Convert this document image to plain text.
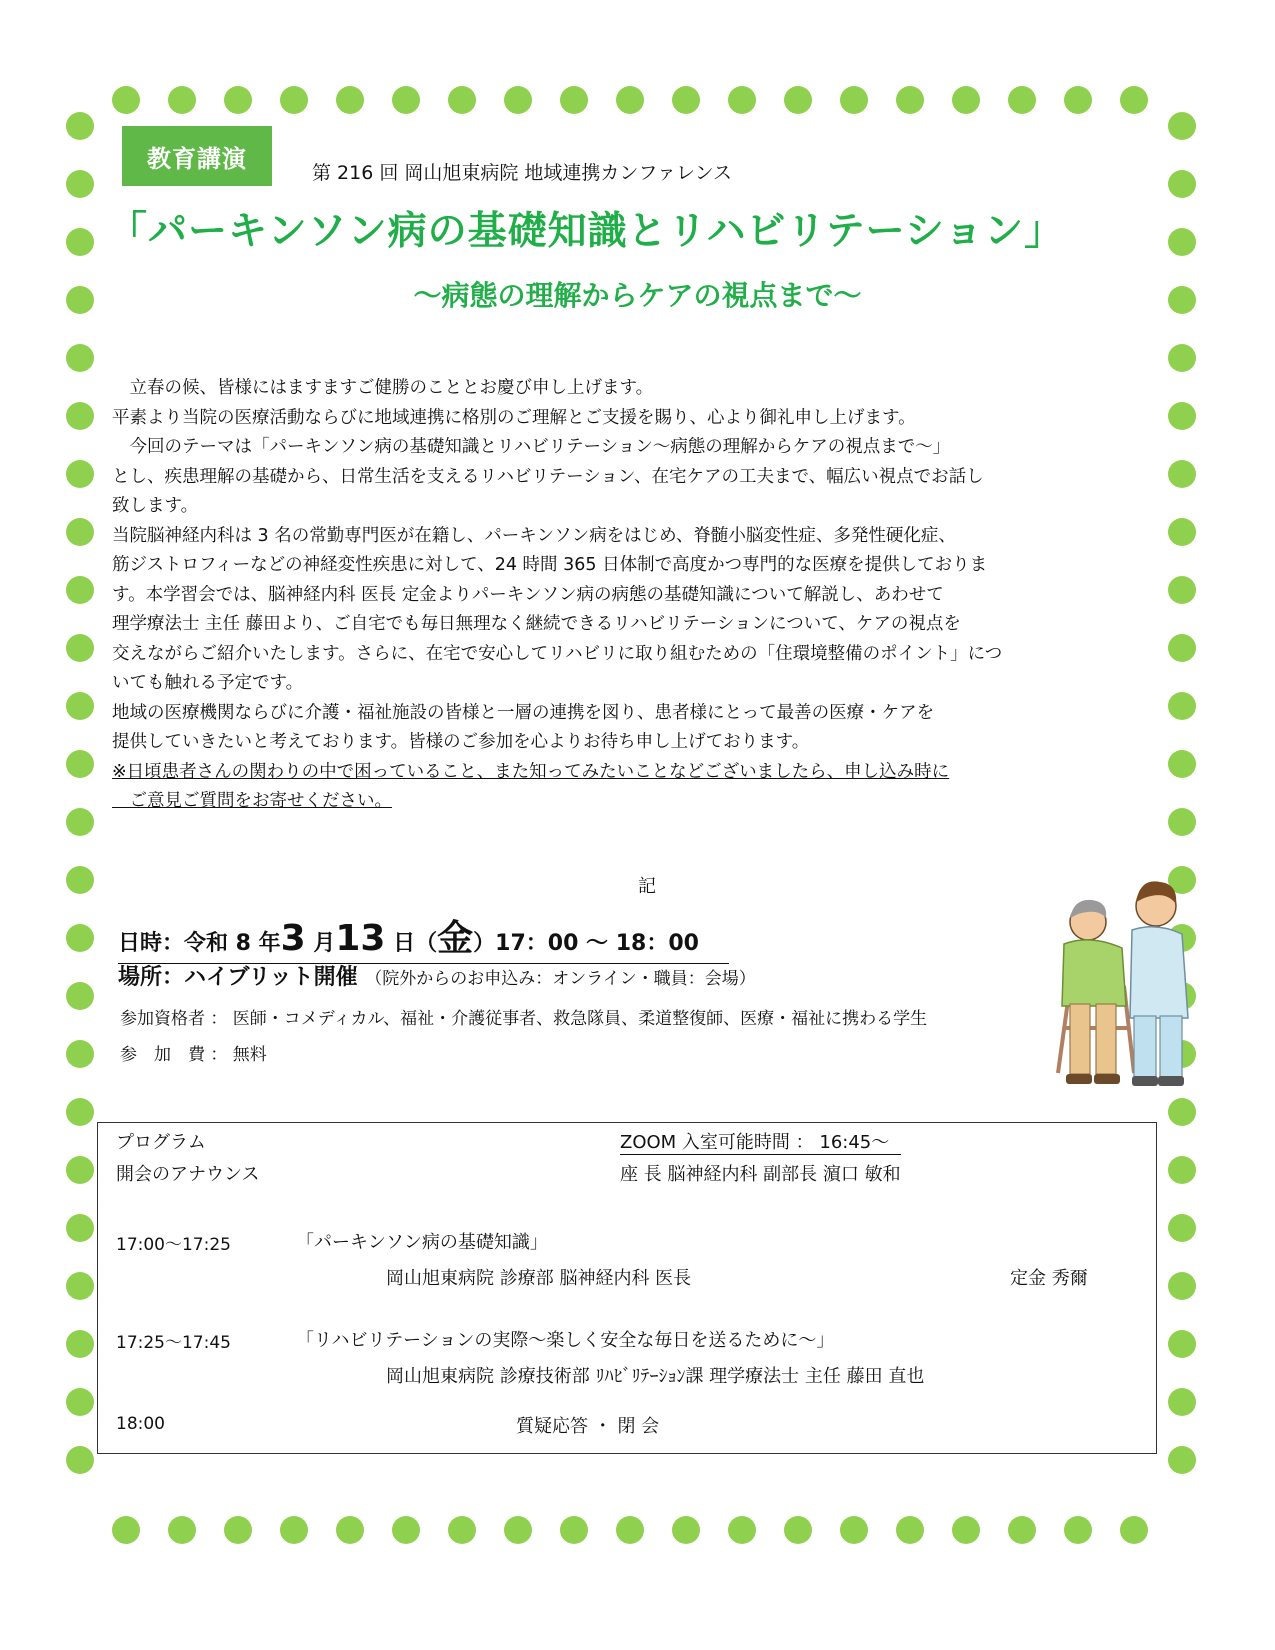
教育講演
第 216 回 岡山旭東病院 地域連携カンファレンス
「パーキンソン病の基礎知識とリハビリテーション」
〜病態の理解からケアの視点まで〜

　立春の候、皆様にはますますご健勝のこととお慶び申し上げます。

平素より当院の医療活動ならびに地域連携に格別のご理解とご支援を賜り、心より御礼申し上げます。

　今回のテーマは「パーキンソン病の基礎知識とリハビリテーション〜病態の理解からケアの視点まで〜」

とし、疾患理解の基礎から、日常生活を支えるリハビリテーション、在宅ケアの工夫まで、幅広い視点でお話し

致します。

当院脳神経内科は 3 名の常勤専門医が在籍し、パーキンソン病をはじめ、脊髄小脳変性症、多発性硬化症、

筋ジストロフィーなどの神経変性疾患に対して、24 時間 365 日体制で高度かつ専門的な医療を提供しておりま

す。本学習会では、脳神経内科 医長 定金よりパーキンソン病の病態の基礎知識について解説し、あわせて

理学療法士 主任 藤田より、ご自宅でも毎日無理なく継続できるリハビリテーションについて、ケアの視点を

交えながらご紹介いたします。さらに、在宅で安心してリハビリに取り組むための「住環境整備のポイント」につ

いても触れる予定です。

地域の医療機関ならびに介護・福祉施設の皆様と一層の連携を図り、患者様にとって最善の医療・ケアを

提供していきたいと考えております。皆様のご参加を心よりお待ち申し上げております。

※日頃患者さんの関わりの中で困っていること、また知ってみたいことなどございましたら、申し込み時に

　ご意見ご質問をお寄せください。

記
日時：令和 8 年3 月13 日（金）17：00 〜 18：00
場所：ハイブリット開催 （院外からのお申込み：オンライン・職員：会場）
参加資格者 ： 医師・コメディカル、福祉・介護従事者、救急隊員、柔道整復師、医療・福祉に携わる学生
参　加　費 ： 無料
プログラム	ZOOM 入室可能時間 ： 16:45〜
開会のアナウンス	座 長 脳神経内科 副部長 濵口 敏和
17:00〜17:25	「パーキンソン病の基礎知識」
岡山旭東病院 診療部 脳神経内科 医長	定金 秀爾
17:25〜17:45	「リハビリテーションの実際〜楽しく安全な毎日を送るために〜」
岡山旭東病院 診療技術部 ﾘﾊﾋﾞﾘﾃｰｼｮﾝ課 理学療法士 主任 藤田 直也
18:00	質疑応答 ・ 閉 会
